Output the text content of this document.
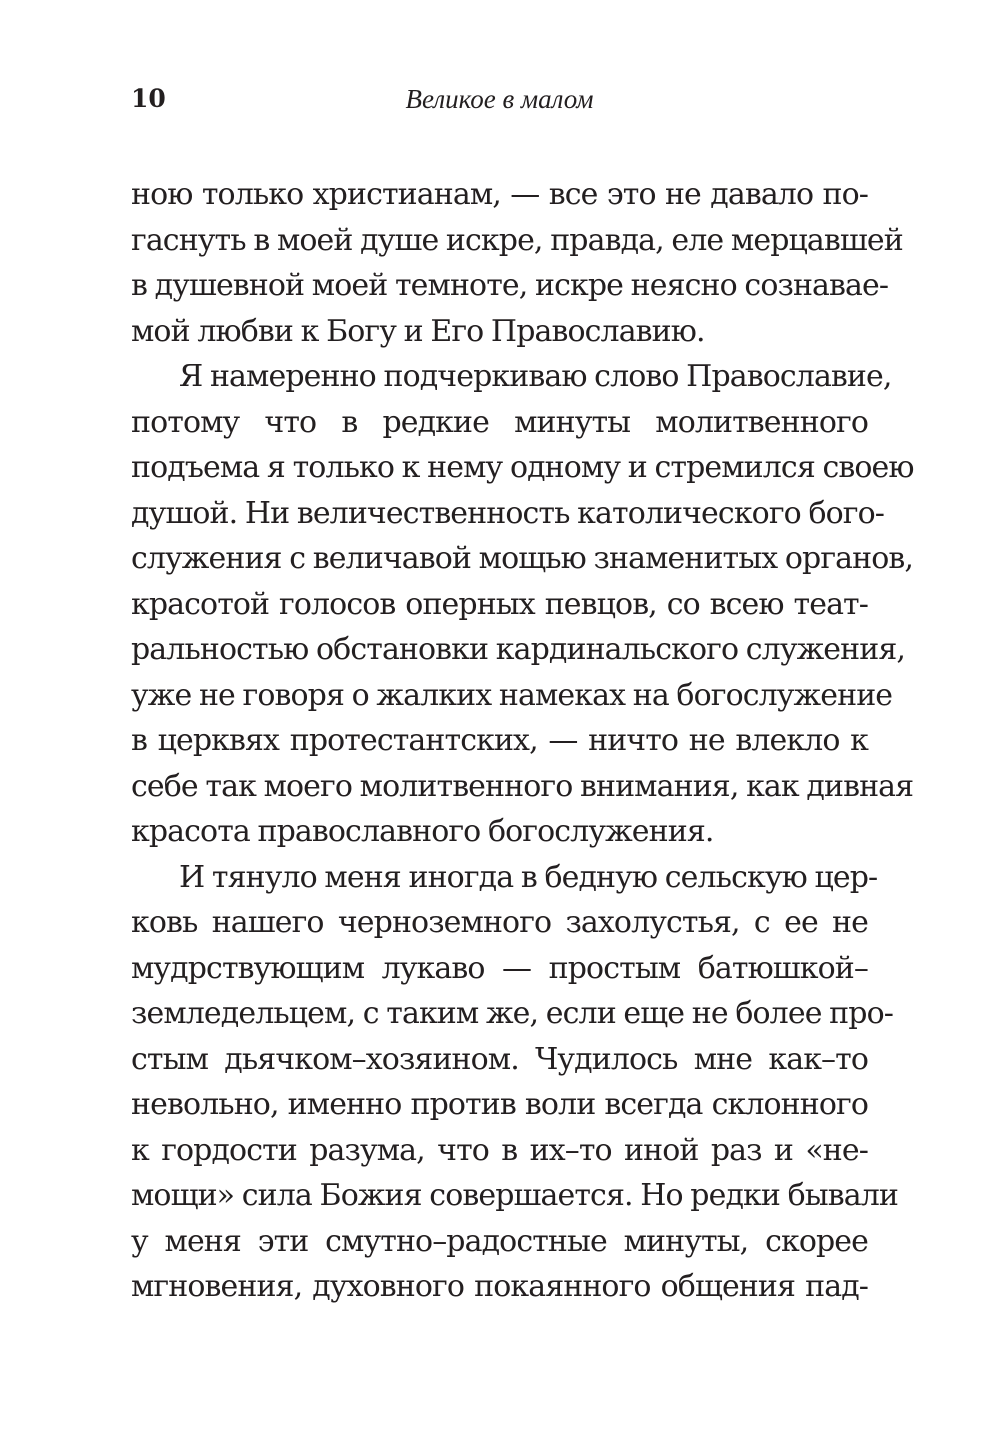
10	Великое в малом
ною только христианам, — все это не давало по-
гаснуть в моей душе искре, правда, еле мерцавшей
в душевной моей темноте, искре неясно сознавае-
мой любви к Богу и Его Православию.
Я намеренно подчеркиваю слово Православие,
потому что в редкие минуты молитвенного
подъема я только к нему одному и стремился своею
душой. Ни величественность католического бого-
служения с величавой мощью знаменитых органов,
красотой голосов оперных певцов, со всею теат-
ральностью обстановки кардинальского служения,
уже не говоря о жалких намеках на богослужение
в церквях протестантских, — ничто не влекло к
себе так моего молитвенного внимания, как дивная
красота православного богослужения.
И тянуло меня иногда в бедную сельскую цер-
ковь нашего черноземного захолустья, с ее не
мудрствующим лукаво — простым батюшкой–
земледельцем, с таким же, если еще не более про-
стым дьячком–хозяином. Чудилось мне как–то
невольно, именно против воли всегда склонного
к гордости разума, что в их–то иной раз и «не-
мощи» сила Божия совершается. Но редки бывали
у меня эти смутно–радостные минуты, скорее
мгновения, духовного покаянного общения пад-
